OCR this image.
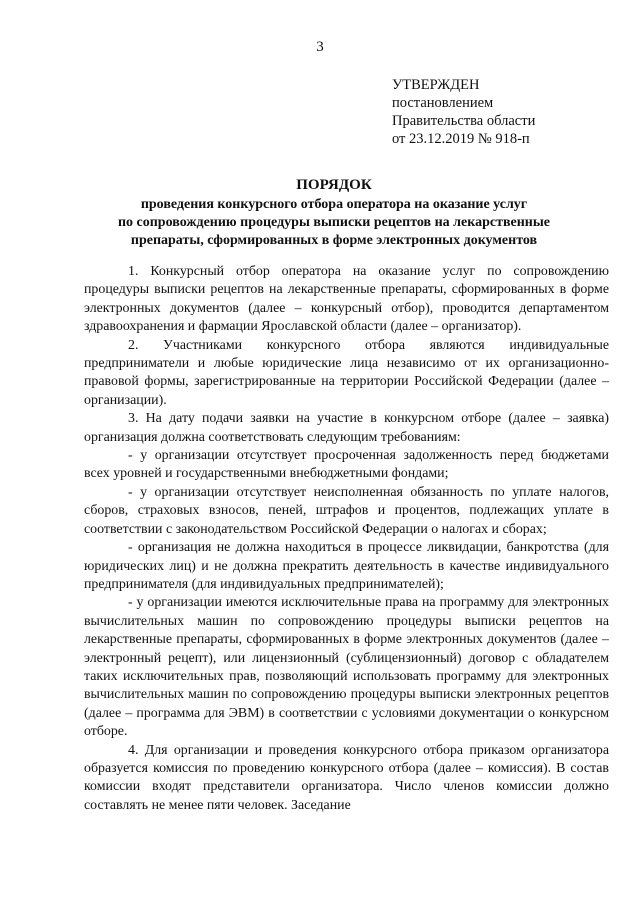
3
УТВЕРЖДЕН
постановлением
Правительства области
от 23.12.2019 № 918-п
ПОРЯДОК
проведения конкурсного отбора оператора на оказание услуг
по сопровождению процедуры выписки рецептов на лекарственные
препараты, сформированных в форме электронных документов

1. Конкурсный отбор оператора на оказание услуг по сопровождению процедуры выписки рецептов на лекарственные препараты, сформированных в форме электронных документов (далее – конкурсный отбор), проводится департаментом здравоохранения и фармации Ярославской области (далее – организатор).

2. Участниками конкурсного отбора являются индивидуальные предприниматели и любые юридические лица независимо от их организационно-правовой формы, зарегистрированные на территории Российской Федерации (далее – организации).

3. На дату подачи заявки на участие в конкурсном отборе (далее – заявка) организация должна соответствовать следующим требованиям:

- у организации отсутствует просроченная задолженность перед бюджетами всех уровней и государственными внебюджетными фондами;

- у организации отсутствует неисполненная обязанность по уплате налогов, сборов, страховых взносов, пеней, штрафов и процентов, подлежащих уплате в соответствии с законодательством Российской Федерации о налогах и сборах;

- организация не должна находиться в процессе ликвидации, банкротства (для юридических лиц) и не должна прекратить деятельность в качестве индивидуального предпринимателя (для индивидуальных предпринимателей);

- у организации имеются исключительные права на программу для электронных вычислительных машин по сопровождению процедуры выписки рецептов на лекарственные препараты, сформированных в форме электронных документов (далее – электронный рецепт), или лицензионный (сублицензионный) договор с обладателем таких исключительных прав, позволяющий использовать программу для электронных вычислительных машин по сопровождению процедуры выписки электронных рецептов (далее – программа для ЭВМ) в соответствии с условиями документации о конкурсном отборе.

4. Для организации и проведения конкурсного отбора приказом организатора образуется комиссия по проведению конкурсного отбора (далее – комиссия). В состав комиссии входят представители организатора. Число членов комиссии должно составлять не менее пяти человек. Заседание
